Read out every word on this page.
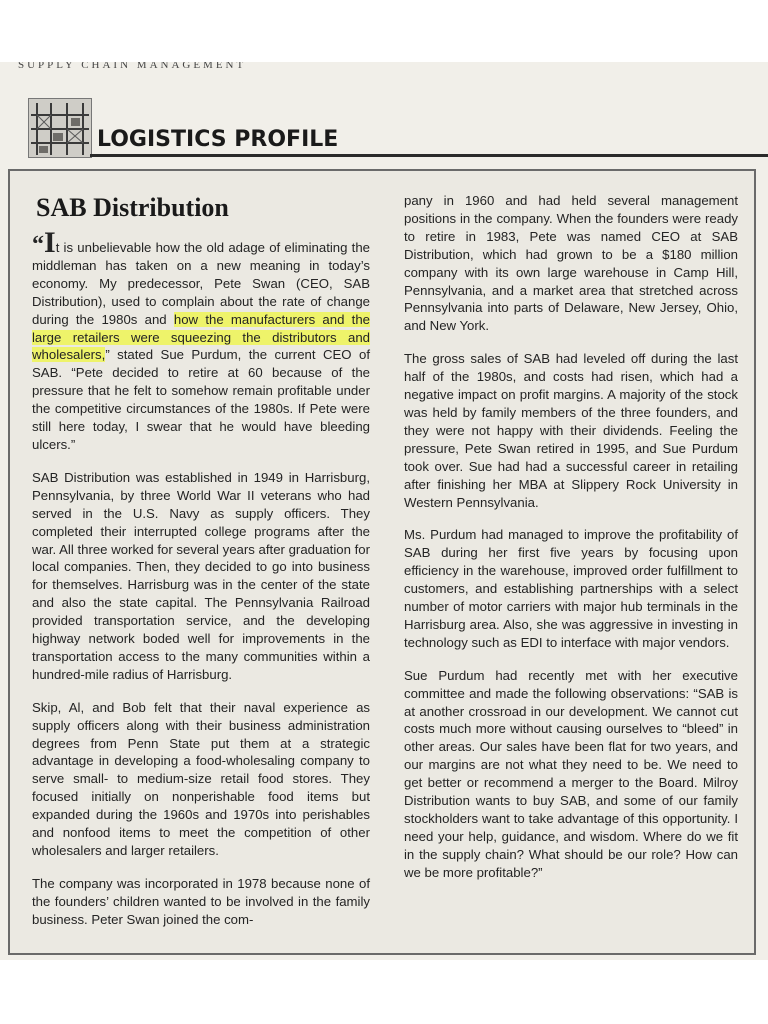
SUPPLY CHAIN MANAGEMENT
LOGISTICS PROFILE
SAB Distribution

“It is unbelievable how the old adage of eliminating the middleman has taken on a new meaning in today’s economy. My predecessor, Pete Swan (CEO, SAB Distribution), used to complain about the rate of change during the 1980s and how the manufacturers and the large retailers were squeezing the distributors and wholesalers,” stated Sue Purdum, the current CEO of SAB. “Pete decided to retire at 60 because of the pressure that he felt to somehow remain profitable under the competitive circumstances of the 1980s. If Pete were still here today, I swear that he would have bleeding ulcers.”

SAB Distribution was established in 1949 in Harrisburg, Pennsylvania, by three World War II veterans who had served in the U.S. Navy as supply officers. They completed their interrupted college programs after the war. All three worked for several years after graduation for local companies. Then, they decided to go into business for themselves. Harrisburg was in the center of the state and also the state capital. The Pennsylvania Railroad provided transportation service, and the developing highway network boded well for improvements in the transportation access to the many communities within a hundred-mile radius of Harrisburg.

Skip, Al, and Bob felt that their naval experience as supply officers along with their business administration degrees from Penn State put them at a strategic advantage in developing a food-wholesaling company to serve small- to medium-size retail food stores. They focused initially on nonperishable food items but expanded during the 1960s and 1970s into perishables and nonfood items to meet the competition of other wholesalers and larger retailers.

The company was incorporated in 1978 because none of the founders’ children wanted to be involved in the family business. Peter Swan joined the com-

pany in 1960 and had held several management positions in the company. When the founders were ready to retire in 1983, Pete was named CEO at SAB Distribution, which had grown to be a $180 million company with its own large warehouse in Camp Hill, Pennsylvania, and a market area that stretched across Pennsylvania into parts of Delaware, New Jersey, Ohio, and New York.

The gross sales of SAB had leveled off during the last half of the 1980s, and costs had risen, which had a negative impact on profit margins. A majority of the stock was held by family members of the three founders, and they were not happy with their dividends. Feeling the pressure, Pete Swan retired in 1995, and Sue Purdum took over. Sue had had a successful career in retailing after finishing her MBA at Slippery Rock University in Western Pennsylvania.

Ms. Purdum had managed to improve the profitability of SAB during her first five years by focusing upon efficiency in the warehouse, improved order fulfillment to customers, and establishing partnerships with a select number of motor carriers with major hub terminals in the Harrisburg area. Also, she was aggressive in investing in technology such as EDI to interface with major vendors.

Sue Purdum had recently met with her executive committee and made the following observations: “SAB is at another crossroad in our development. We cannot cut costs much more without causing ourselves to “bleed” in other areas. Our sales have been flat for two years, and our margins are not what they need to be. We need to get better or recommend a merger to the Board. Milroy Distribution wants to buy SAB, and some of our family stockholders want to take advantage of this opportunity. I need your help, guidance, and wisdom. Where do we fit in the supply chain? What should be our role? How can we be more profitable?”
